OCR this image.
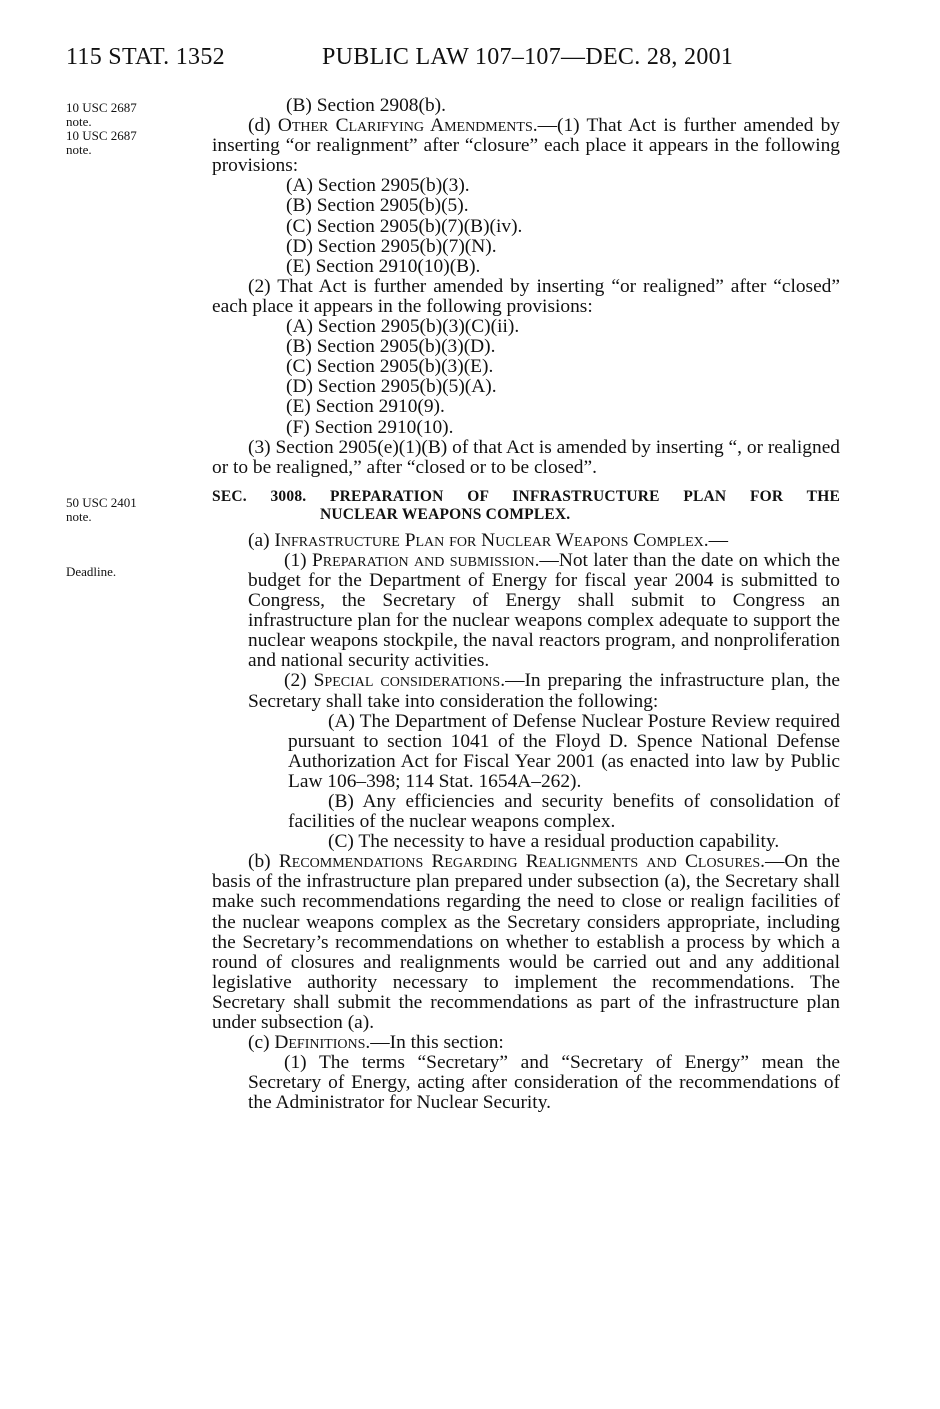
115 STAT. 1352	PUBLIC LAW 107–107—DEC. 28, 2001
10 USC 2687
note.
10 USC 2687
note.
50 USC 2401
note.
Deadline.
(B) Section 2908(b).
(d) Other Clarifying Amendments.—(1) That Act is further amended by inserting “or realignment” after “closure” each place it appears in the following provisions:
(A) Section 2905(b)(3).
(B) Section 2905(b)(5).
(C) Section 2905(b)(7)(B)(iv).
(D) Section 2905(b)(7)(N).
(E) Section 2910(10)(B).
(2) That Act is further amended by inserting “or realigned” after “closed” each place it appears in the following provisions:
(A) Section 2905(b)(3)(C)(ii).
(B) Section 2905(b)(3)(D).
(C) Section 2905(b)(3)(E).
(D) Section 2905(b)(5)(A).
(E) Section 2910(9).
(F) Section 2910(10).
(3) Section 2905(e)(1)(B) of that Act is amended by inserting “, or realigned or to be realigned,” after “closed or to be closed”.
SEC. 3008. PREPARATION OF INFRASTRUCTURE PLAN FOR THE
NUCLEAR WEAPONS COMPLEX.
(a) Infrastructure Plan for Nuclear Weapons Complex.—
(1) Preparation and submission.—Not later than the date on which the budget for the Department of Energy for fiscal year 2004 is submitted to Congress, the Secretary of Energy shall submit to Congress an infrastructure plan for the nuclear weapons complex adequate to support the nuclear weapons stockpile, the naval reactors program, and nonproliferation and national security activities.
(2) Special considerations.—In preparing the infrastructure plan, the Secretary shall take into consideration the following:
(A) The Department of Defense Nuclear Posture Review required pursuant to section 1041 of the Floyd D. Spence National Defense Authorization Act for Fiscal Year 2001 (as enacted into law by Public Law 106–398; 114 Stat. 1654A–262).
(B) Any efficiencies and security benefits of consolidation of facilities of the nuclear weapons complex.
(C) The necessity to have a residual production capability.
(b) Recommendations Regarding Realignments and Closures.—On the basis of the infrastructure plan prepared under subsection (a), the Secretary shall make such recommendations regarding the need to close or realign facilities of the nuclear weapons complex as the Secretary considers appropriate, including the Secretary’s recommendations on whether to establish a process by which a round of closures and realignments would be carried out and any additional legislative authority necessary to implement the recommendations. The Secretary shall submit the recommendations as part of the infrastructure plan under subsection (a).
(c) Definitions.—In this section:
(1) The terms “Secretary” and “Secretary of Energy” mean the Secretary of Energy, acting after consideration of the recommendations of the Administrator for Nuclear Security.
